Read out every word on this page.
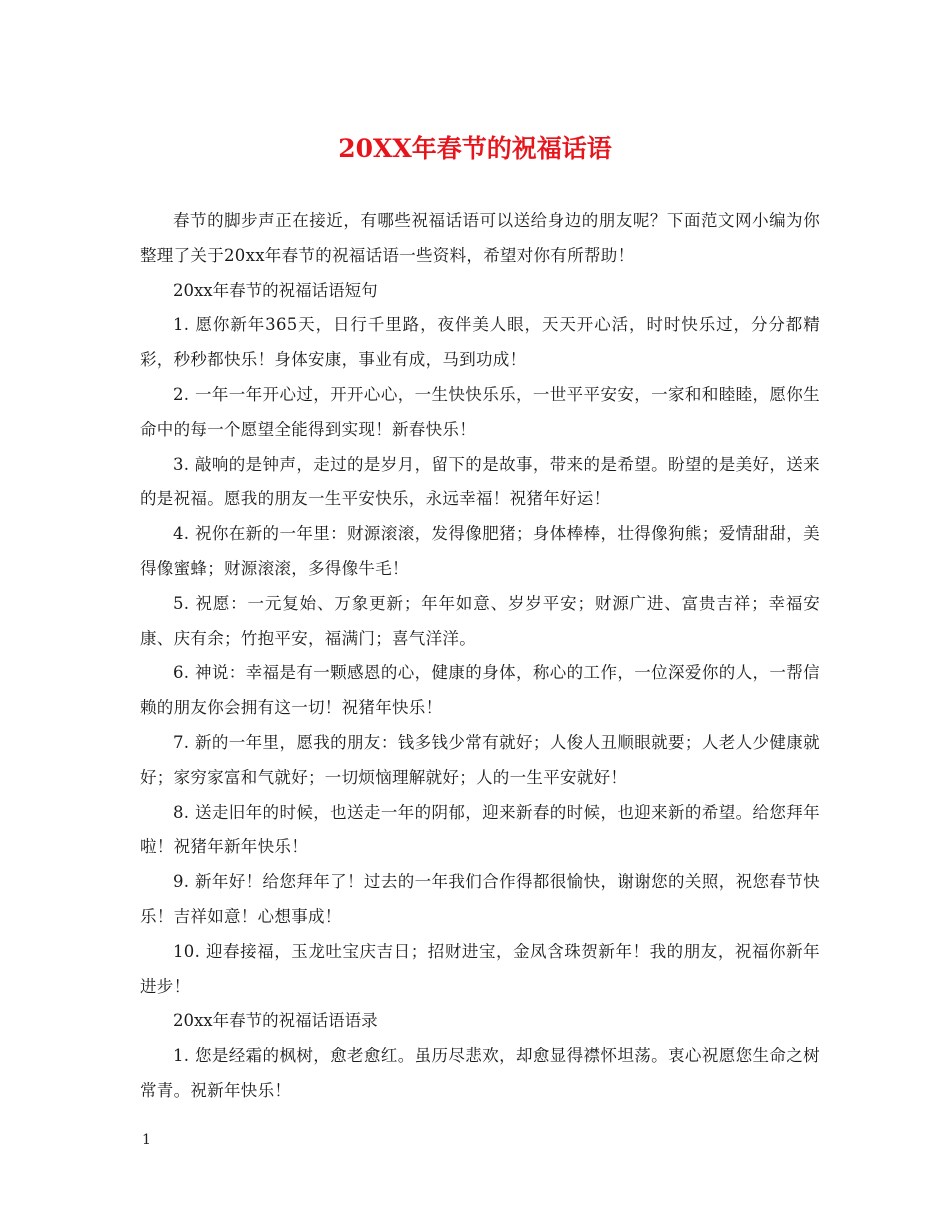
20XX年春节的祝福话语

春节的脚步声正在接近，有哪些祝福话语可以送给身边的朋友呢？下面范文网小编为你整理了关于20xx年春节的祝福话语一些资料，希望对你有所帮助！

20xx年春节的祝福话语短句

1. 愿你新年365天，日行千里路，夜伴美人眼，天天开心活，时时快乐过，分分都精彩，秒秒都快乐！身体安康，事业有成，马到功成！

2. 一年一年开心过，开开心心，一生快快乐乐，一世平平安安，一家和和睦睦，愿你生命中的每一个愿望全能得到实现！新春快乐！

3. 敲响的是钟声，走过的是岁月，留下的是故事，带来的是希望。盼望的是美好，送来的是祝福。愿我的朋友一生平安快乐，永远幸福！祝猪年好运！

4. 祝你在新的一年里：财源滚滚，发得像肥猪；身体棒棒，壮得像狗熊；爱情甜甜，美得像蜜蜂；财源滚滚，多得像牛毛！

5. 祝愿：一元复始、万象更新；年年如意、岁岁平安；财源广进、富贵吉祥；幸福安康、庆有余；竹抱平安，福满门；喜气洋洋。

6. 神说：幸福是有一颗感恩的心，健康的身体，称心的工作，一位深爱你的人，一帮信赖的朋友你会拥有这一切！祝猪年快乐！

7. 新的一年里，愿我的朋友：钱多钱少常有就好；人俊人丑顺眼就要；人老人少健康就好；家穷家富和气就好；一切烦恼理解就好；人的一生平安就好！

8. 送走旧年的时候，也送走一年的阴郁，迎来新春的时候，也迎来新的希望。给您拜年啦！祝猪年新年快乐！

9. 新年好！给您拜年了！过去的一年我们合作得都很愉快，谢谢您的关照，祝您春节快乐！吉祥如意！心想事成！

10. 迎春接福，玉龙吐宝庆吉日；招财进宝，金凤含珠贺新年！我的朋友，祝福你新年进步！

20xx年春节的祝福话语语录

1. 您是经霜的枫树，愈老愈红。虽历尽悲欢，却愈显得襟怀坦荡。衷心祝愿您生命之树常青。祝新年快乐！

1
